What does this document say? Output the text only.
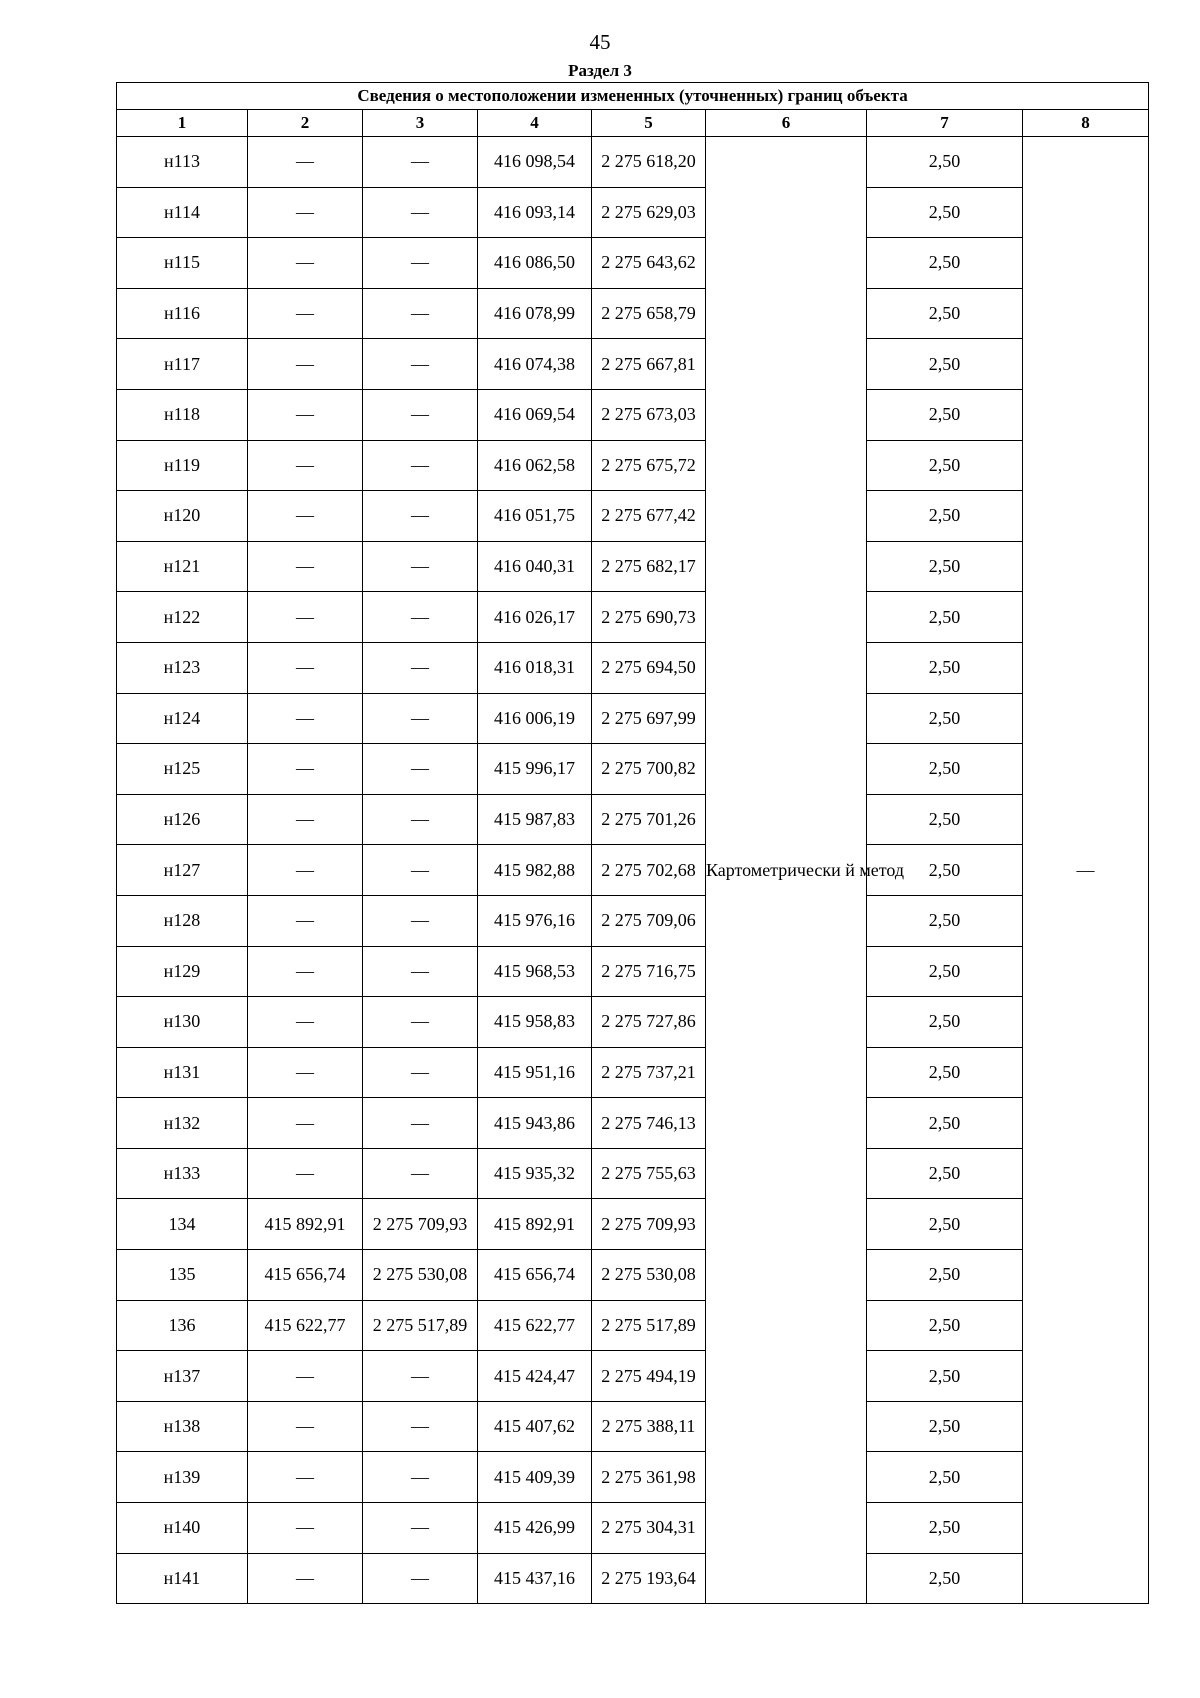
45
Раздел 3
Сведения о местоположении измененных (уточненных) границ объекта							
1	2	3	4	5	6	7	8
н113	—	—	416 098,54	2 275 618,20	Картометрически й метод	2,50	—
н114	—	—	416 093,14	2 275 629,03		2,50	
н115	—	—	416 086,50	2 275 643,62		2,50	
н116	—	—	416 078,99	2 275 658,79		2,50	
н117	—	—	416 074,38	2 275 667,81		2,50	
н118	—	—	416 069,54	2 275 673,03		2,50	
н119	—	—	416 062,58	2 275 675,72		2,50	
н120	—	—	416 051,75	2 275 677,42		2,50	
н121	—	—	416 040,31	2 275 682,17		2,50	
н122	—	—	416 026,17	2 275 690,73		2,50	
н123	—	—	416 018,31	2 275 694,50		2,50	
н124	—	—	416 006,19	2 275 697,99		2,50	
н125	—	—	415 996,17	2 275 700,82		2,50	
н126	—	—	415 987,83	2 275 701,26		2,50	
н127	—	—	415 982,88	2 275 702,68		2,50	
н128	—	—	415 976,16	2 275 709,06		2,50	
н129	—	—	415 968,53	2 275 716,75		2,50	
н130	—	—	415 958,83	2 275 727,86		2,50	
н131	—	—	415 951,16	2 275 737,21		2,50	
н132	—	—	415 943,86	2 275 746,13		2,50	
н133	—	—	415 935,32	2 275 755,63		2,50	
134	415 892,91	2 275 709,93	415 892,91	2 275 709,93		2,50	
135	415 656,74	2 275 530,08	415 656,74	2 275 530,08		2,50	
136	415 622,77	2 275 517,89	415 622,77	2 275 517,89		2,50	
н137	—	—	415 424,47	2 275 494,19		2,50	
н138	—	—	415 407,62	2 275 388,11		2,50	
н139	—	—	415 409,39	2 275 361,98		2,50	
н140	—	—	415 426,99	2 275 304,31		2,50	
н141	—	—	415 437,16	2 275 193,64		2,50	
